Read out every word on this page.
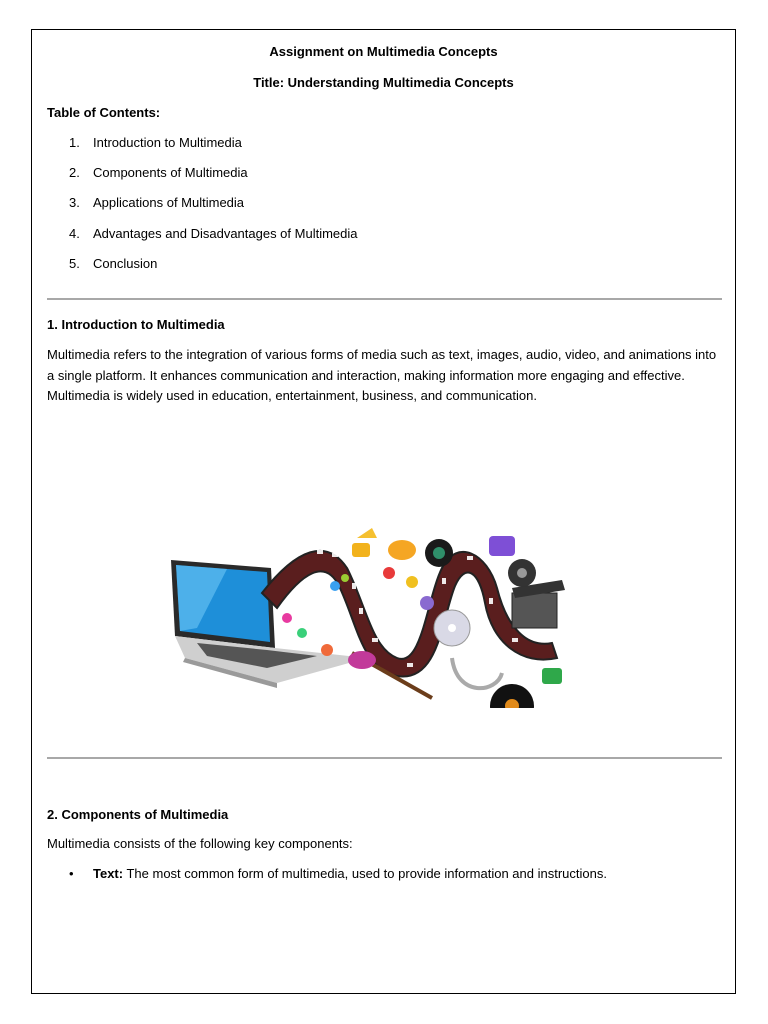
Assignment on Multimedia Concepts
Title: Understanding Multimedia Concepts
Table of Contents:
1. Introduction to Multimedia
2. Components of Multimedia
3. Applications of Multimedia
4. Advantages and Disadvantages of Multimedia
5. Conclusion
1. Introduction to Multimedia
Multimedia refers to the integration of various forms of media such as text, images, audio, video, and animations into a single platform. It enhances communication and interaction, making information more engaging and effective. Multimedia is widely used in education, entertainment, business, and communication.
2. Components of Multimedia
Multimedia consists of the following key components:
• Text: The most common form of multimedia, used to provide information and instructions.
